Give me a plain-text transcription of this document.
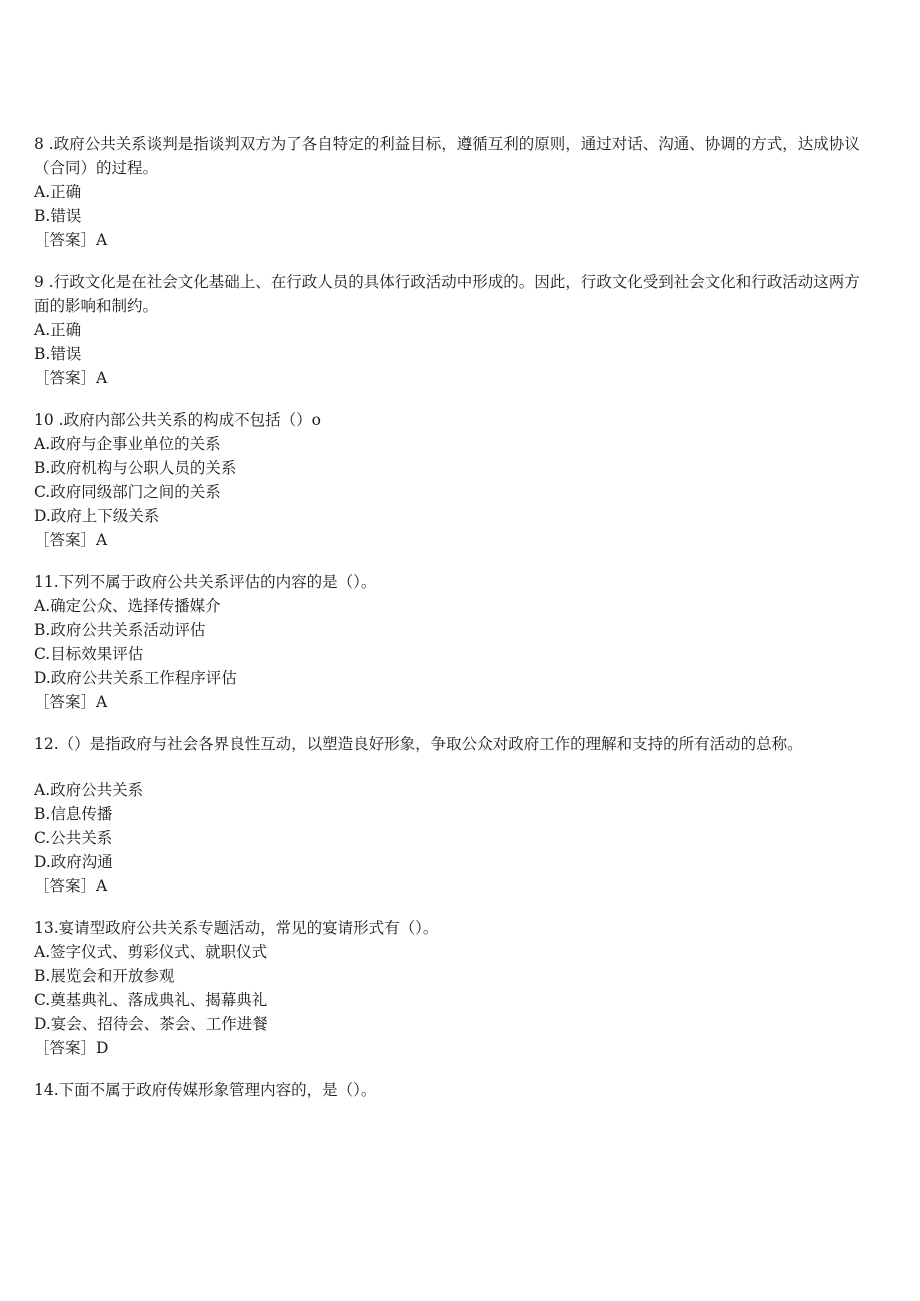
8 .政府公共关系谈判是指谈判双方为了各自特定的利益目标，遵循互利的原则，通过对话、沟通、协调的方式，达成协议（合同）的过程。

A.正确

B.错误

［答案］A

9 .行政文化是在社会文化基础上、在行政人员的具体行政活动中形成的。因此，行政文化受到社会文化和行政活动这两方面的影响和制约。

A.正确

B.错误

［答案］A

10 .政府内部公共关系的构成不包括（）o

A.政府与企事业单位的关系

B.政府机构与公职人员的关系

C.政府同级部门之间的关系

D.政府上下级关系

［答案］A

11.下列不属于政府公共关系评估的内容的是（）。

A.确定公众、选择传播媒介

B.政府公共关系活动评估

C.目标效果评估

D.政府公共关系工作程序评估

［答案］A

12.（）是指政府与社会各界良性互动，以塑造良好形象，争取公众对政府工作的理解和支持的所有活动的总称。

A.政府公共关系

B.信息传播

C.公共关系

D.政府沟通

［答案］A

13.宴请型政府公共关系专题活动，常见的宴请形式有（）。

A.签字仪式、剪彩仪式、就职仪式

B.展览会和开放参观

C.奠基典礼、落成典礼、揭幕典礼

D.宴会、招待会、茶会、工作进餐

［答案］D

14.下面不属于政府传媒形象管理内容的，是（）。
